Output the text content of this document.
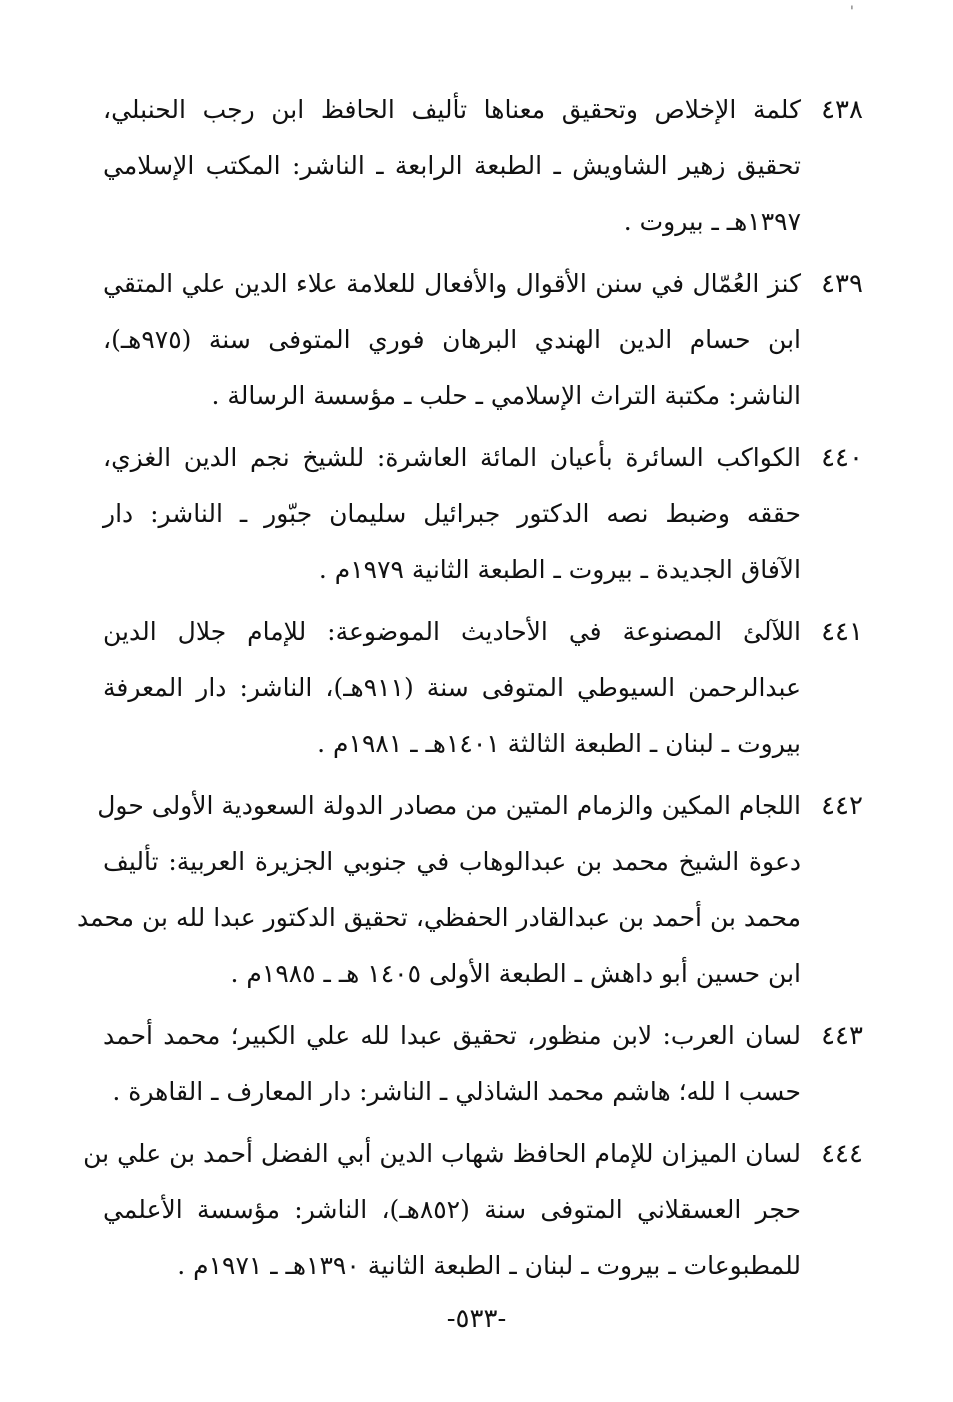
'
٤٣٨
كلمة الإخلاص وتحقيق معناها تأليف الحافظ ابن رجب الحنبلي،
تحقيق زهير الشاويش ـ الطبعة الرابعة ـ الناشر: المكتب الإسلامي
١٣٩٧هـ ـ بيروت .
٤٣٩
كنز العُمّال في سنن الأقوال والأفعال للعلامة علاء الدين علي المتقي
ابن حسام الدين الهندي البرهان فوري المتوفى سنة (٩٧٥هـ)،
الناشر: مكتبة التراث الإسلامي ـ حلب ـ مؤسسة الرسالة .
٤٤٠
الكواكب السائرة بأعيان المائة العاشرة: للشيخ نجم الدين الغزي،
حققه وضبط نصه الدكتور جبرائيل سليمان جبّور ـ الناشر: دار
الآفاق الجديدة ـ بيروت ـ الطبعة الثانية ١٩٧٩م .
٤٤١
اللآلئ المصنوعة في الأحاديث الموضوعة: للإمام جلال الدين
عبدالرحمن السيوطي المتوفى سنة (٩١١هـ)، الناشر: دار المعرفة
بيروت ـ لبنان ـ الطبعة الثالثة ١٤٠١هـ ـ ١٩٨١م .
٤٤٢
اللجام المكين والزمام المتين من مصادر الدولة السعودية الأولى حول
دعوة الشيخ محمد بن عبدالوهاب في جنوبي الجزيرة العربية: تأليف
محمد بن أحمد بن عبدالقادر الحفظي، تحقيق الدكتور عبدا لله بن محمد
ابن حسين أبو داهش ـ الطبعة الأولى ١٤٠٥ هـ ـ ١٩٨٥م .
٤٤٣
لسان العرب: لابن منظور، تحقيق عبدا لله علي الكبير؛ محمد أحمد
حسب ا لله؛ هاشم محمد الشاذلي ـ الناشر: دار المعارف ـ القاهرة .
٤٤٤
لسان الميزان للإمام الحافظ شهاب الدين أبي الفضل أحمد بن علي بن
حجر العسقلاني المتوفى سنة (٨٥٢هـ)، الناشر: مؤسسة الأعلمي
للمطبوعات ـ بيروت ـ لبنان ـ الطبعة الثانية ١٣٩٠هـ ـ ١٩٧١م .
-٥٣٣-
